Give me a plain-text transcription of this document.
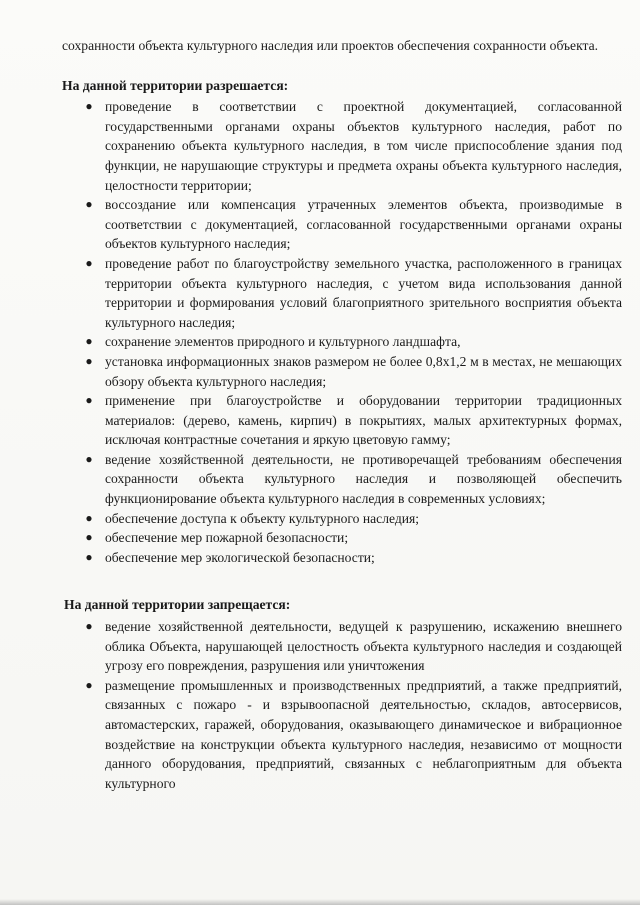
сохранности объекта культурного наследия или проектов обеспечения сохранности объекта.

На данной территории разрешается:

● проведение в соответствии с проектной документацией, согласованной государственными органами охраны объектов культурного наследия, работ по сохранению объекта культурного наследия, в том числе приспособление здания под функции, не нарушающие структуры и предмета охраны объекта культурного наследия, целостности территории;
● воссоздание или компенсация утраченных элементов объекта, производимые в соответствии с документацией, согласованной государственными органами охраны объектов культурного наследия;
● проведение работ по благоустройству земельного участка, расположенного в границах территории объекта культурного наследия, с учетом вида использования данной территории и формирования условий благоприятного зрительного восприятия объекта культурного наследия;
● сохранение элементов природного и культурного ландшафта,
● установка информационных знаков размером не более 0,8х1,2 м в местах, не мешающих обзору объекта культурного наследия;
● применение при благоустройстве и оборудовании территории традиционных материалов: (дерево, камень, кирпич) в покрытиях, малых архитектурных формах, исключая контрастные сочетания и яркую цветовую гамму;
● ведение хозяйственной деятельности, не противоречащей требованиям обеспечения сохранности объекта культурного наследия и позволяющей обеспечить функционирование объекта культурного наследия в современных условиях;
● обеспечение доступа к объекту культурного наследия;
● обеспечение мер пожарной безопасности;
● обеспечение мер экологической безопасности;

На данной территории запрещается:

● ведение хозяйственной деятельности, ведущей к разрушению, искажению внешнего облика Объекта, нарушающей целостность объекта культурного наследия и создающей угрозу его повреждения, разрушения или уничтожения
● размещение промышленных и производственных предприятий, а также предприятий, связанных с пожаро - и взрывоопасной деятельностью, складов, автосервисов, автомастерских, гаражей, оборудования, оказывающего динамическое и вибрационное воздействие на конструкции объекта культурного наследия, независимо от мощности данного оборудования, предприятий, связанных с неблагоприятным для объекта культурного
